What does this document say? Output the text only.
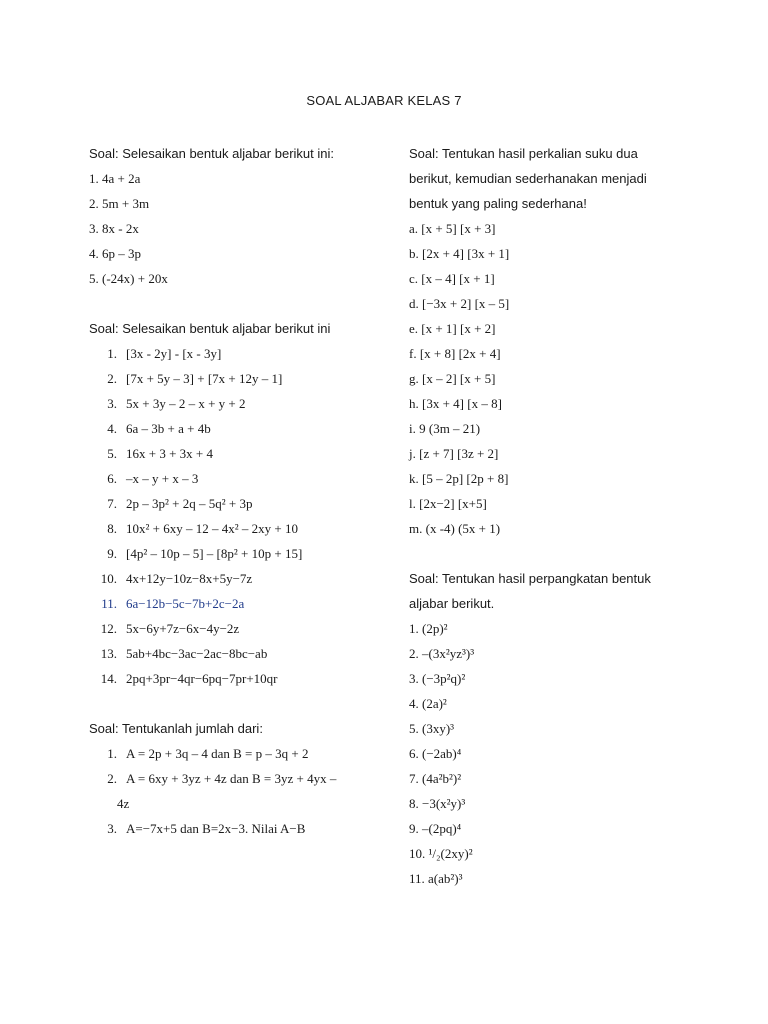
SOAL ALJABAR KELAS 7
Soal: Selesaikan bentuk aljabar berikut ini:
1. 4a + 2a
2. 5m + 3m
3. 8x - 2x
4. 6p – 3p
5. (-24x) + 20x
Soal: Selesaikan bentuk aljabar berikut ini
1. [3x - 2y] - [x - 3y]
2. [7x + 5y – 3] + [7x + 12y – 1]
3. 5x + 3y – 2 – x + y + 2
4. 6a – 3b + a + 4b
5. 16x + 3 + 3x + 4
6. –x – y + x – 3
7. 2p – 3p² + 2q – 5q² + 3p
8. 10x² + 6xy – 12 – 4x² – 2xy + 10
9. [4p² – 10p – 5] – [8p² + 10p + 15]
10. 4x+12y−10z−8x+5y−7z
11. 6a−12b−5c−7b+2c−2a
12. 5x−6y+7z−6x−4y−2z
13. 5ab+4bc−3ac−2ac−8bc−ab
14. 2pq+3pr−4qr−6pq−7pr+10qr
Soal: Tentukanlah jumlah dari:
1. A = 2p + 3q – 4 dan B = p – 3q + 2
2. A = 6xy + 3yz + 4z dan B = 3yz + 4yx –
4z
3. A=−7x+5 dan B=2x−3. Nilai A−B
Soal: Tentukan hasil perkalian suku dua
berikut, kemudian sederhanakan menjadi
bentuk yang paling sederhana!
a. [x + 5] [x + 3]
b. [2x + 4] [3x + 1]
c. [x – 4] [x + 1]
d. [−3x + 2] [x – 5]
e. [x + 1] [x + 2]
f. [x + 8] [2x + 4]
g. [x – 2] [x + 5]
h. [3x + 4] [x – 8]
i. 9 (3m – 21)
j. [z + 7] [3z + 2]
k. [5 – 2p] [2p + 8]
l. [2x−2] [x+5]
m. (x -4) (5x + 1)
Soal: Tentukan hasil perpangkatan bentuk
aljabar berikut.
1. (2p)²
2. –(3x²yz³)³
3. (−3p²q)²
4. (2a)²
5. (3xy)³
6. (−2ab)⁴
7. (4a²b²)²
8. −3(x²y)³
9. –(2pq)⁴
10. ¹/₂(2xy)²
11. a(ab²)³
